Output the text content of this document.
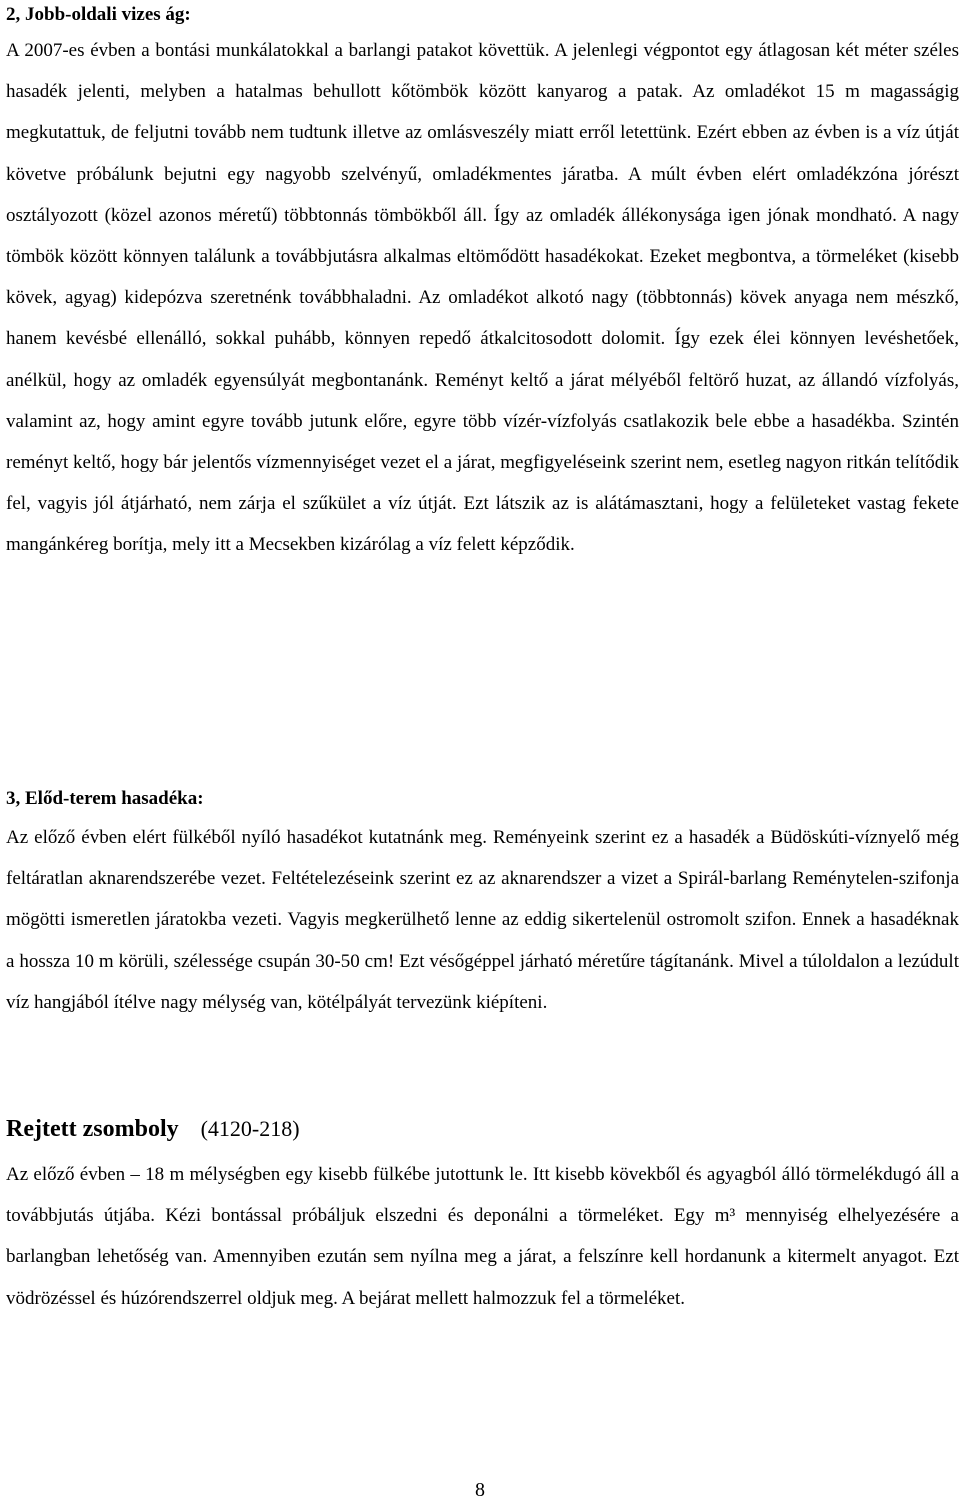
2, Jobb-oldali vizes ág:

A 2007-es évben a bontási munkálatokkal a barlangi patakot követtük. A jelenlegi végpontot egy átlagosan két méter széles hasadék jelenti, melyben a hatalmas behullott kőtömbök között kanyarog a patak. Az omladékot 15 m magasságig megkutattuk, de feljutni tovább nem tudtunk illetve az omlásveszély miatt erről letettünk. Ezért ebben az évben is a víz útját követve próbálunk bejutni egy nagyobb szelvényű, omladékmentes járatba. A múlt évben elért omladékzóna jórészt osztályozott (közel azonos méretű) többtonnás tömbökből áll. Így az omladék állékonysága igen jónak mondható. A nagy tömbök között könnyen találunk a továbbjutásra alkalmas eltömődött hasadékokat. Ezeket megbontva, a törmeléket (kisebb kövek, agyag) kidepózva szeretnénk továbbhaladni. Az omladékot alkotó nagy (többtonnás) kövek anyaga nem mészkő, hanem kevésbé ellenálló, sokkal puhább, könnyen repedő átkalcitosodott dolomit. Így ezek élei könnyen levéshetőek, anélkül, hogy az omladék egyensúlyát megbontanánk. Reményt keltő a járat mélyéből feltörő huzat, az állandó vízfolyás, valamint az, hogy amint egyre tovább jutunk előre, egyre több vízér-vízfolyás csatlakozik bele ebbe a hasadékba. Szintén reményt keltő, hogy bár jelentős vízmennyiséget vezet el a járat, megfigyeléseink szerint nem, esetleg nagyon ritkán telítődik fel, vagyis jól átjárható, nem zárja el szűkület a víz útját. Ezt látszik az is alátámasztani, hogy a felületeket vastag fekete mangánkéreg borítja, mely itt a Mecsekben kizárólag a víz felett képződik.

3, Előd-terem hasadéka:

Az előző évben elért fülkéből nyíló hasadékot kutatnánk meg. Reményeink szerint ez a hasadék a Büdöskúti-víznyelő még feltáratlan aknarendszerébe vezet. Feltételezéseink szerint ez az aknarendszer a vizet a Spirál-barlang Reménytelen-szifonja mögötti ismeretlen járatokba vezeti. Vagyis megkerülhető lenne az eddig sikertelenül ostromolt szifon. Ennek a hasadéknak a hossza 10 m körüli, szélessége csupán 30-50 cm! Ezt vésőgéppel járható méretűre tágítanánk. Mivel a túloldalon a lezúdult víz hangjából ítélve nagy mélység van, kötélpályát tervezünk kiépíteni.

Rejtett zsomboly (4120-218)

Az előző évben – 18 m mélységben egy kisebb fülkébe jutottunk le. Itt kisebb kövekből és agyagból álló törmelékdugó áll a továbbjutás útjába. Kézi bontással próbáljuk elszedni és deponálni a törmeléket. Egy m³ mennyiség elhelyezésére a barlangban lehetőség van. Amennyiben ezután sem nyílna meg a járat, a felszínre kell hordanunk a kitermelt anyagot. Ezt vödrözéssel és húzórendszerrel oldjuk meg. A bejárat mellett halmozzuk fel a törmeléket.

8
